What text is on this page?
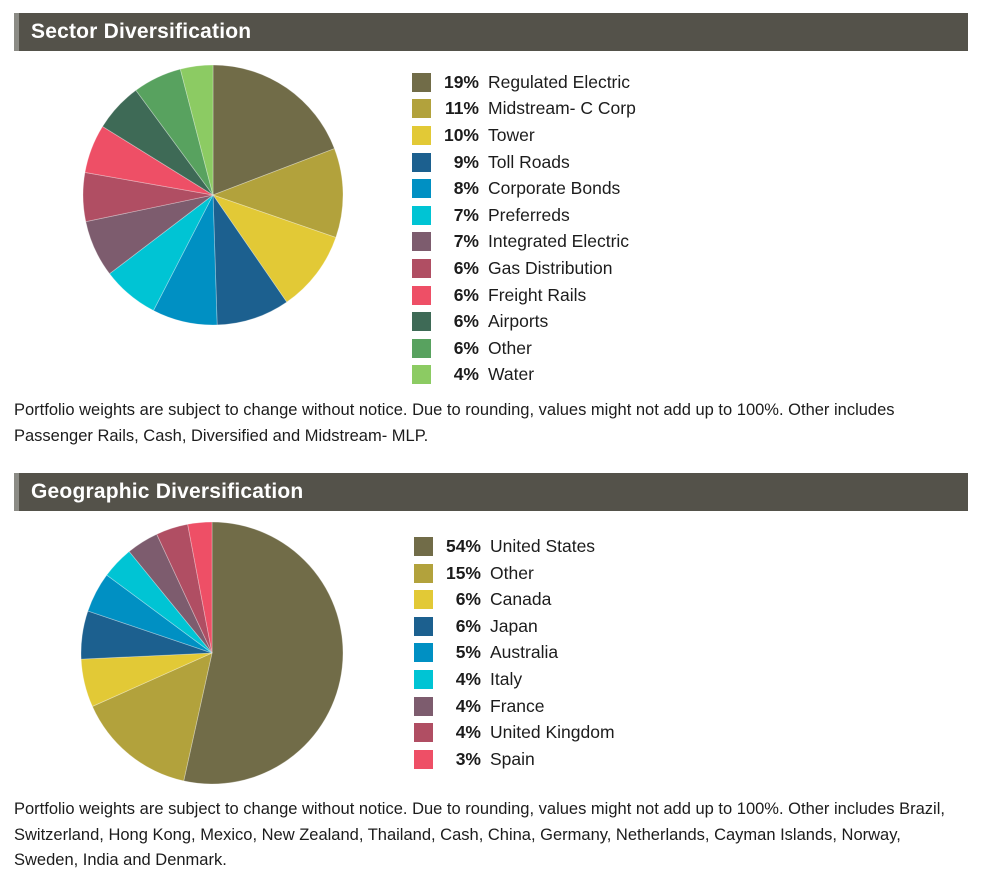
Sector Diversification
19% Regulated Electric
11% Midstream- C Corp
10% Tower
9% Toll Roads
8% Corporate Bonds
7% Preferreds
7% Integrated Electric
6% Gas Distribution
6% Freight Rails
6% Airports
6% Other
4% Water

Portfolio weights are subject to change without notice. Due to rounding, values might not add up to 100%. Other includes Passenger Rails, Cash, Diversified and Midstream- MLP.

Geographic Diversification
54% United States
15% Other
6% Canada
6% Japan
5% Australia
4% Italy
4% France
4% United Kingdom
3% Spain

Portfolio weights are subject to change without notice. Due to rounding, values might not add up to 100%. Other includes Brazil, Switzerland, Hong Kong, Mexico, New Zealand, Thailand, Cash, China, Germany, Netherlands, Cayman Islands, Norway, Sweden, India and Denmark.
